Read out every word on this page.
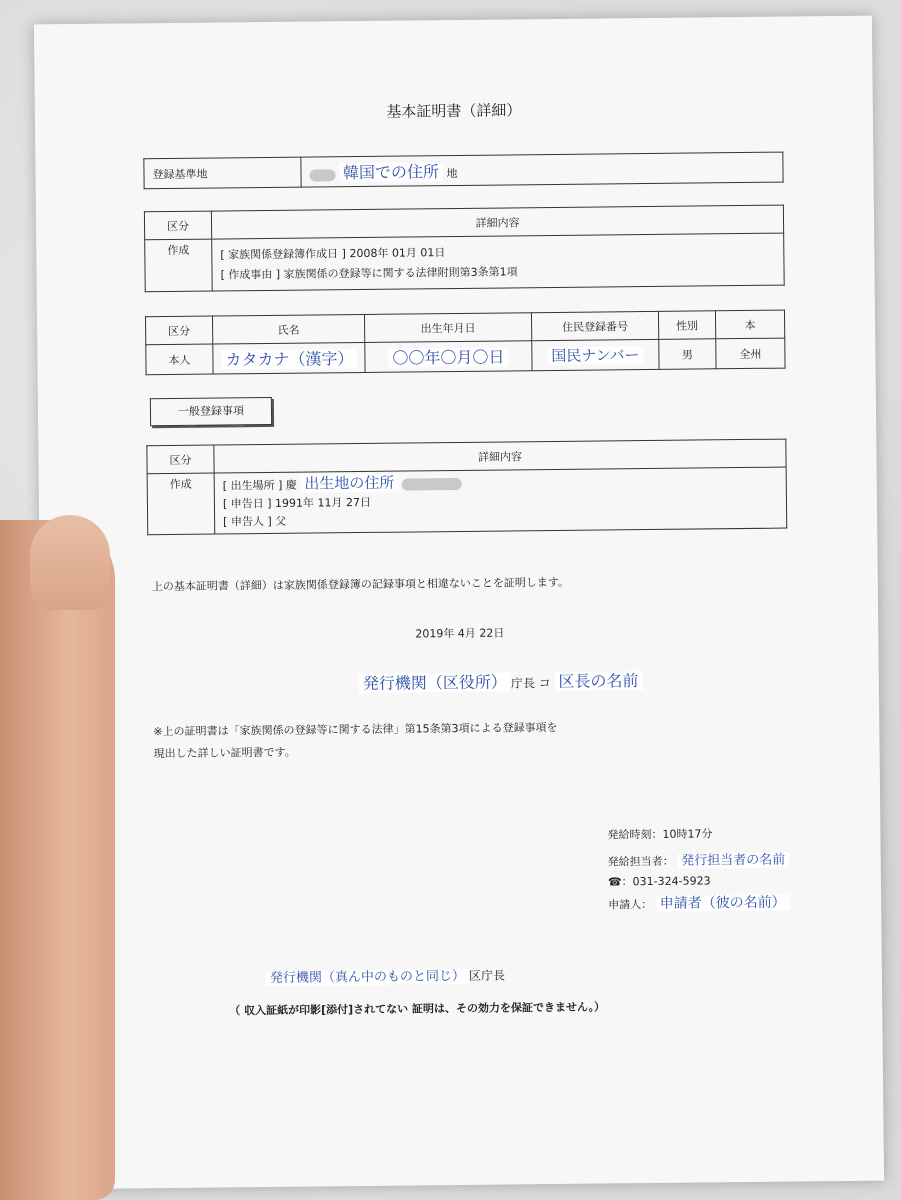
基本証明書（詳細）
登録基準地	韓国での住所 地
区分	詳細内容
作成	[ 家族関係登録簿作成日 ] 2008年 01月 01日
[ 作成事由 ] 家族関係の登録等に関する法律附則第3条第1項
区分	氏名	出生年月日	住民登録番号	性別	本
本人	カタカナ（漢字）	〇〇年〇月〇日	国民ナンバー	男	全州
一般登録事項
区分	詳細内容
作成	[ 出生場所 ] 慶 出生地の住所
[ 申告日 ] 1991年 11月 27日
[ 申告人 ] 父
上の基本証明書（詳細）は家族関係登録簿の記録事項と相違ないことを証明します。
2019年 4月 22日
発行機関（区役所） 庁長 コ 区長の名前
※上の証明書は「家族関係の登録等に関する法律」第15条第3項による登録事項を
現出した詳しい証明書です。
発給時刻：10時17分
発給担当者： 発行担当者の名前
☎：031-324-5923
申請人： 申請者（彼の名前）
発行機関（真ん中のものと同じ） 区庁長
（ 収入証紙が印影[添付]されてない 証明は、その効力を保証できません。）
